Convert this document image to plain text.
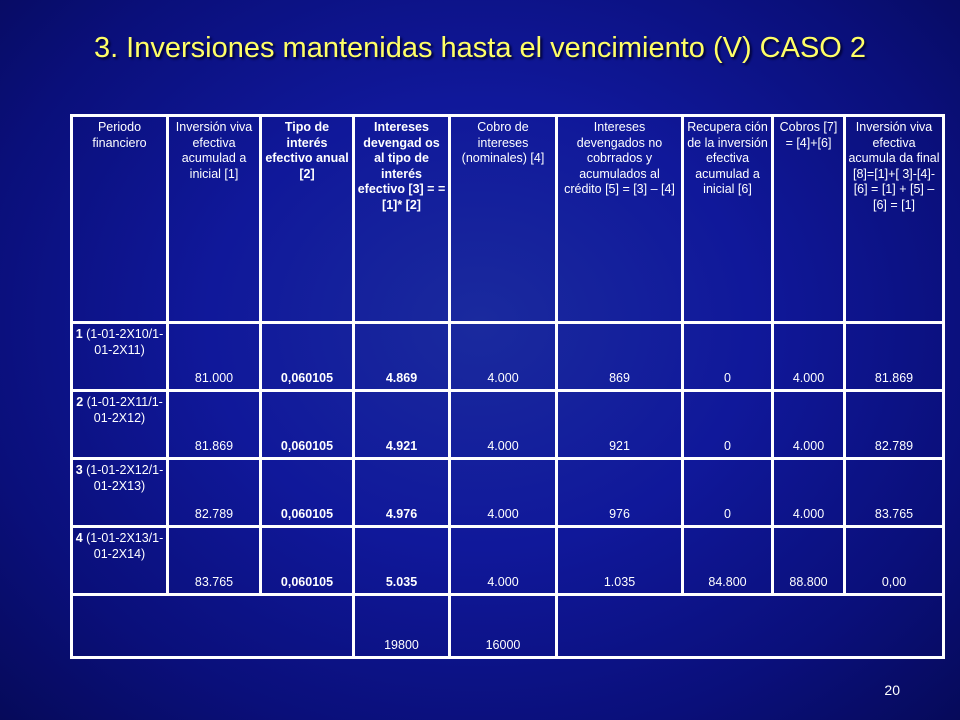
3. Inversiones mantenidas hasta el vencimiento (V) CASO 2
Periodo financiero	Inversión viva efectiva acumulad a inicial [1]	Tipo de interés efectivo anual [2]	Intereses devengad os al tipo de interés efectivo [3] = =[1]* [2]	Cobro de intereses (nominales) [4]	Intereses devengados no cobrrados y acumulados al crédito [5] = [3] – [4]	Recupera ción de la inversión efectiva acumulad a inicial [6]	Cobros [7] = [4]+[6]	Inversión viva efectiva acumula da final [8]=[1]+[ 3]-[4]-[6] = [1] + [5] – [6] = [1]
1 (1-01-2X10/1-01-2X11)	81.000	0,060105	4.869	4.000	869	0	4.000	81.869
2 (1-01-2X11/1-01-2X12)	81.869	0,060105	4.921	4.000	921	0	4.000	82.789
3 (1-01-2X12/1-01-2X13)	82.789	0,060105	4.976	4.000	976	0	4.000	83.765
4 (1-01-2X13/1-01-2X14)	83.765	0,060105	5.035	4.000	1.035	84.800	88.800	0,00
			19800	16000				
20
